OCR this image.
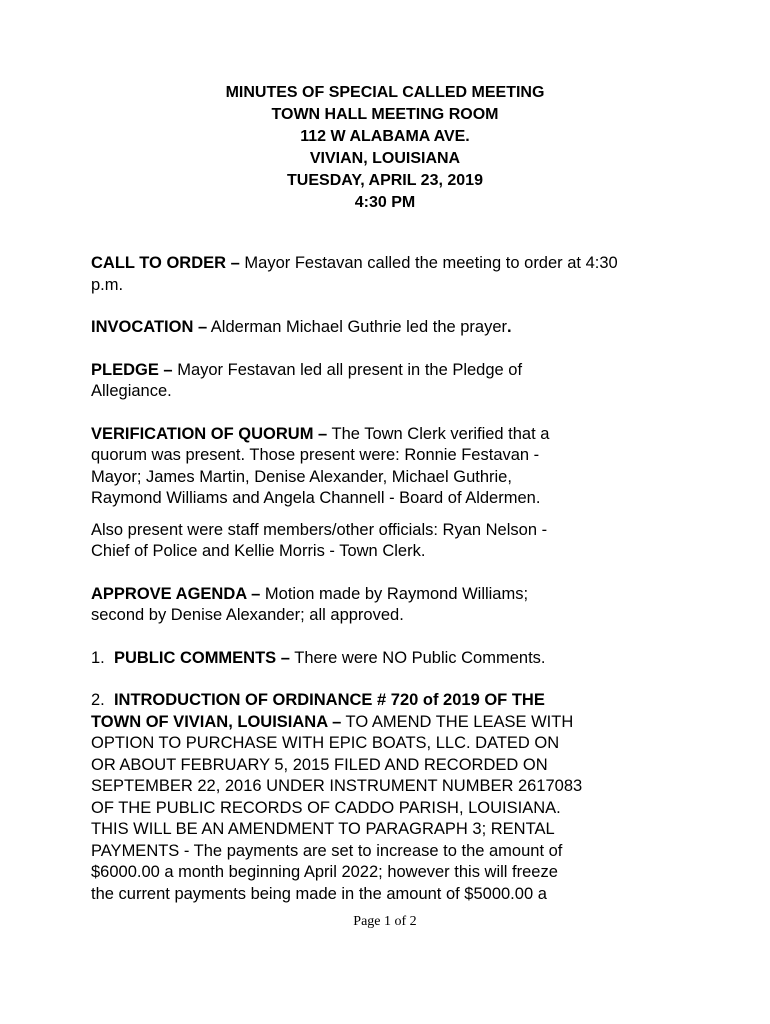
MINUTES OF SPECIAL CALLED MEETING
TOWN HALL MEETING ROOM
112 W ALABAMA AVE.
VIVIAN, LOUISIANA
TUESDAY, APRIL 23, 2019
4:30 PM

CALL TO ORDER – Mayor Festavan called the meeting to order at 4:30
p.m.

INVOCATION – Alderman Michael Guthrie led the prayer.

PLEDGE – Mayor Festavan led all present in the Pledge of
Allegiance.

VERIFICATION OF QUORUM – The Town Clerk verified that a
quorum was present. Those present were: Ronnie Festavan -
Mayor; James Martin, Denise Alexander, Michael Guthrie,
Raymond Williams and Angela Channell - Board of Aldermen.

Also present were staff members/other officials: Ryan Nelson -
Chief of Police and Kellie Morris - Town Clerk.

APPROVE AGENDA – Motion made by Raymond Williams;
second by Denise Alexander; all approved.

1.  PUBLIC COMMENTS – There were NO Public Comments.

2.  INTRODUCTION OF ORDINANCE # 720 of 2019 OF THE
TOWN OF VIVIAN, LOUISIANA – TO AMEND THE LEASE WITH
OPTION TO PURCHASE WITH EPIC BOATS, LLC. DATED ON
OR ABOUT FEBRUARY 5, 2015 FILED AND RECORDED ON
SEPTEMBER 22, 2016 UNDER INSTRUMENT NUMBER 2617083
OF THE PUBLIC RECORDS OF CADDO PARISH, LOUISIANA.
THIS WILL BE AN AMENDMENT TO PARAGRAPH 3; RENTAL
PAYMENTS - The payments are set to increase to the amount of
$6000.00 a month beginning April 2022; however this will freeze
the current payments being made in the amount of $5000.00 a

Page 1 of 2
